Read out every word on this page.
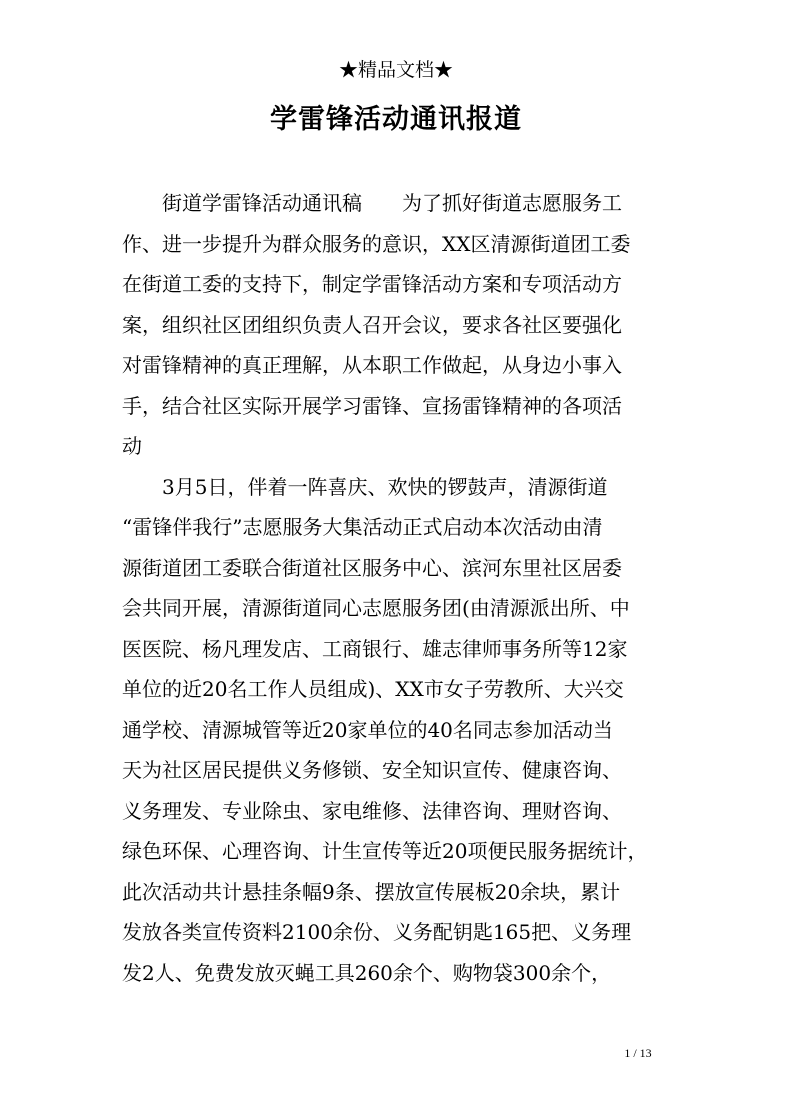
★精品文档★
学雷锋活动通讯报道
　　街道学雷锋活动通讯稿　　为了抓好街道志愿服务工
作、进一步提升为群众服务的意识，XX区清源街道团工委
在街道工委的支持下，制定学雷锋活动方案和专项活动方
案，组织社区团组织负责人召开会议，要求各社区要强化
对雷锋精神的真正理解，从本职工作做起，从身边小事入
手，结合社区实际开展学习雷锋、宣扬雷锋精神的各项活
动
　　3月5日，伴着一阵喜庆、欢快的锣鼓声，清源街道
“雷锋伴我行”志愿服务大集活动正式启动本次活动由清
源街道团工委联合街道社区服务中心、滨河东里社区居委
会共同开展，清源街道同心志愿服务团(由清源派出所、中
医医院、杨凡理发店、工商银行、雄志律师事务所等12家
单位的近20名工作人员组成)、XX市女子劳教所、大兴交
通学校、清源城管等近20家单位的40名同志参加活动当
天为社区居民提供义务修锁、安全知识宣传、健康咨询、
义务理发、专业除虫、家电维修、法律咨询、理财咨询、
绿色环保、心理咨询、计生宣传等近20项便民服务据统计，
此次活动共计悬挂条幅9条、摆放宣传展板20余块，累计
发放各类宣传资料2100余份、义务配钥匙165把、义务理
发2人、免费发放灭蝇工具260余个、购物袋300余个，
1 / 13
